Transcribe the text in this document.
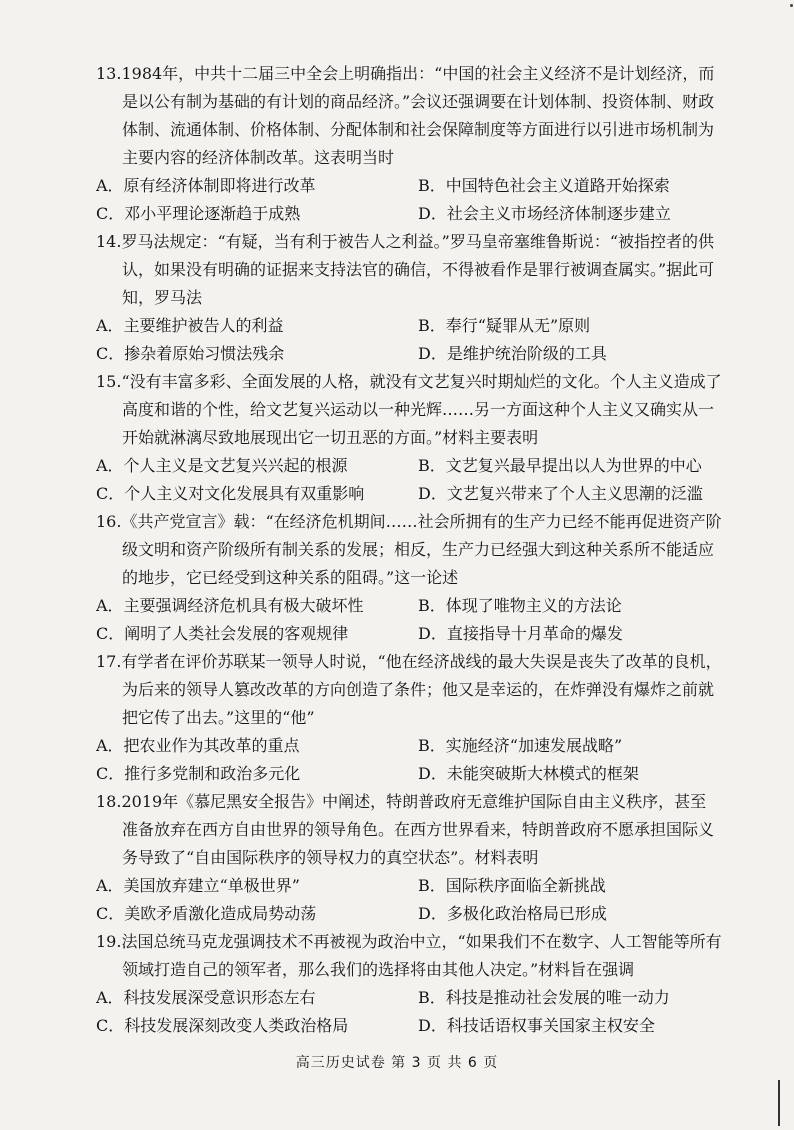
13.1984年，中共十二届三中全会上明确指出：“中国的社会主义经济不是计划经济，而是以公有制为基础的有计划的商品经济。”会议还强调要在计划体制、投资体制、财政体制、流通体制、价格体制、分配体制和社会保障制度等方面进行以引进市场机制为主要内容的经济体制改革。这表明当时

A．原有经济体制即将进行改革	B．中国特色社会主义道路开始探索
C．邓小平理论逐渐趋于成熟	D．社会主义市场经济体制逐步建立

14.罗马法规定：“有疑，当有利于被告人之利益。”罗马皇帝塞维鲁斯说：“被指控者的供认，如果没有明确的证据来支持法官的确信，不得被看作是罪行被调查属实。”据此可知，罗马法

A．主要维护被告人的利益	B．奉行“疑罪从无”原则
C．掺杂着原始习惯法残余	D．是维护统治阶级的工具

15.“没有丰富多彩、全面发展的人格，就没有文艺复兴时期灿烂的文化。个人主义造成了高度和谐的个性，给文艺复兴运动以一种光辉……另一方面这种个人主义又确实从一开始就淋漓尽致地展现出它一切丑恶的方面。”材料主要表明

A．个人主义是文艺复兴兴起的根源	B．文艺复兴最早提出以人为世界的中心
C．个人主义对文化发展具有双重影响	D．文艺复兴带来了个人主义思潮的泛滥

16.《共产党宣言》载：“在经济危机期间……社会所拥有的生产力已经不能再促进资产阶级文明和资产阶级所有制关系的发展；相反，生产力已经强大到这种关系所不能适应的地步，它已经受到这种关系的阻碍。”这一论述

A．主要强调经济危机具有极大破坏性	B．体现了唯物主义的方法论
C．阐明了人类社会发展的客观规律	D．直接指导十月革命的爆发

17.有学者在评价苏联某一领导人时说，“他在经济战线的最大失误是丧失了改革的良机，为后来的领导人篡改改革的方向创造了条件；他又是幸运的，在炸弹没有爆炸之前就把它传了出去。”这里的“他”

A．把农业作为其改革的重点	B．实施经济“加速发展战略”
C．推行多党制和政治多元化	D．未能突破斯大林模式的框架

18.2019年《慕尼黑安全报告》中阐述，特朗普政府无意维护国际自由主义秩序，甚至准备放弃在西方自由世界的领导角色。在西方世界看来，特朗普政府不愿承担国际义务导致了“自由国际秩序的领导权力的真空状态”。材料表明

A．美国放弃建立“单极世界”	B．国际秩序面临全新挑战
C．美欧矛盾激化造成局势动荡	D．多极化政治格局已形成

19.法国总统马克龙强调技术不再被视为政治中立，“如果我们不在数字、人工智能等所有领域打造自己的领军者，那么我们的选择将由其他人决定。”材料旨在强调

A．科技发展深受意识形态左右	B．科技是推动社会发展的唯一动力
C．科技发展深刻改变人类政治格局	D．科技话语权事关国家主权安全
高三历史试卷 第 3 页 共 6 页
